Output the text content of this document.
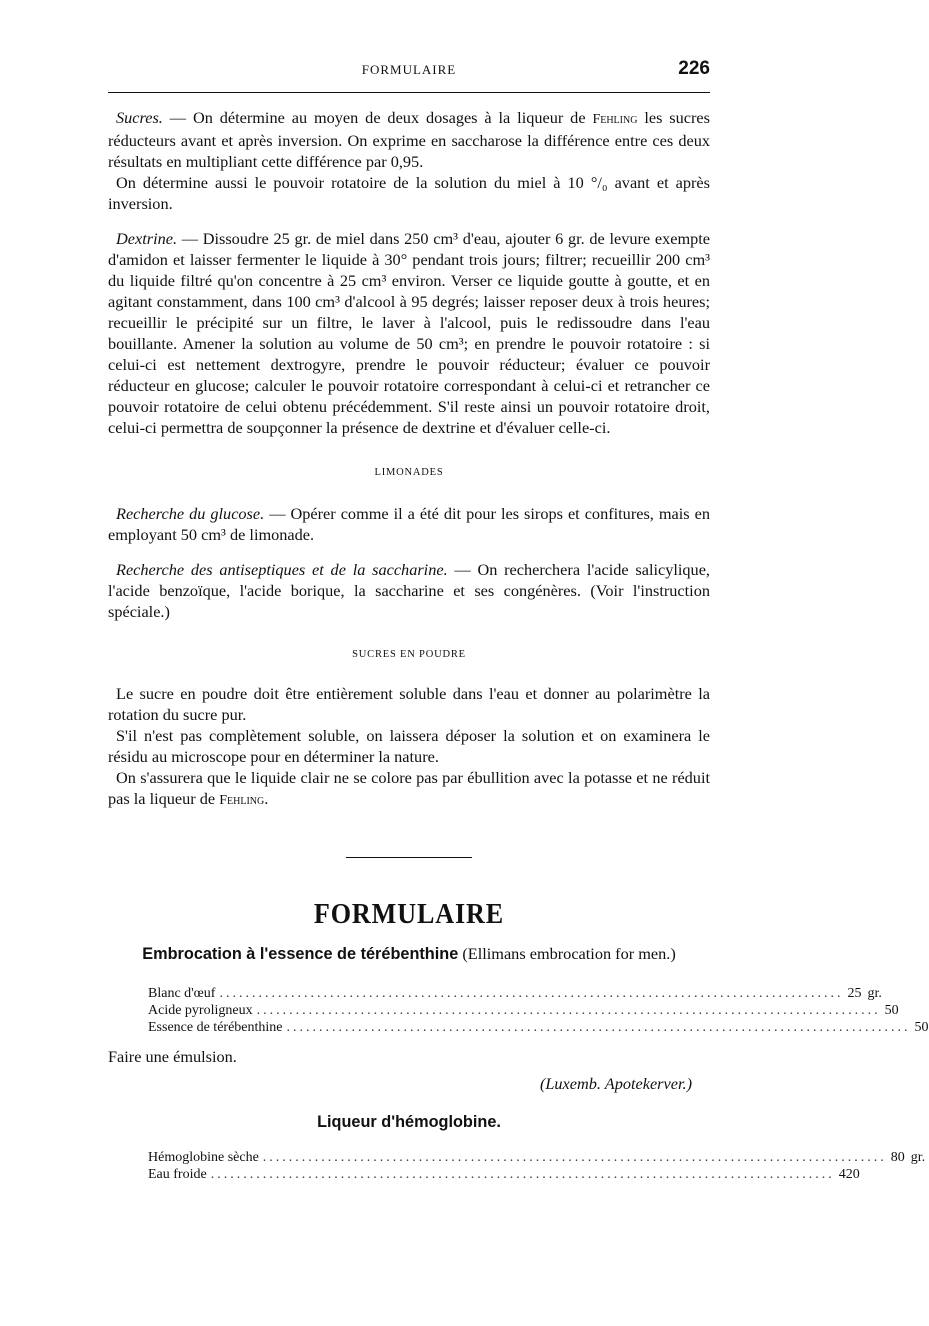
FORMULAIRE	226

Sucres. — On détermine au moyen de deux dosages à la liqueur de Fehling les sucres réducteurs avant et après inversion. On exprime en saccharose la différence entre ces deux résultats en multipliant cette différence par 0,95.

On détermine aussi le pouvoir rotatoire de la solution du miel à 10 °/₀ avant et après inversion.

Dextrine. — Dissoudre 25 gr. de miel dans 250 cm³ d'eau, ajouter 6 gr. de levure exempte d'amidon et laisser fermenter le liquide à 30° pendant trois jours; filtrer; recueillir 200 cm³ du liquide filtré qu'on concentre à 25 cm³ environ. Verser ce liquide goutte à goutte, et en agitant constamment, dans 100 cm³ d'alcool à 95 degrés; laisser reposer deux à trois heures; recueillir le précipité sur un filtre, le laver à l'alcool, puis le redissoudre dans l'eau bouillante. Amener la solution au volume de 50 cm³; en prendre le pouvoir rotatoire : si celui-ci est nettement dextrogyre, prendre le pouvoir réducteur; évaluer ce pouvoir réducteur en glucose; calculer le pouvoir rotatoire correspondant à celui-ci et retrancher ce pouvoir rotatoire de celui obtenu précédemment. S'il reste ainsi un pouvoir rotatoire droit, celui-ci permettra de soupçonner la présence de dextrine et d'évaluer celle-ci.

LIMONADES

Recherche du glucose. — Opérer comme il a été dit pour les sirops et confitures, mais en employant 50 cm³ de limonade.

Recherche des antiseptiques et de la saccharine. — On recherchera l'acide salicylique, l'acide benzoïque, l'acide borique, la saccharine et ses congénères. (Voir l'instruction spéciale.)

SUCRES EN POUDRE

Le sucre en poudre doit être entièrement soluble dans l'eau et donner au polarimètre la rotation du sucre pur.

S'il n'est pas complètement soluble, on laissera déposer la solution et on examinera le résidu au microscope pour en déterminer la nature.

On s'assurera que le liquide clair ne se colore pas par ébullition avec la potasse et ne réduit pas la liqueur de Fehling.

FORMULAIRE
Embrocation à l'essence de térébenthine (Ellimans embrocation for men.)
Blanc d'œuf ................................................................................................ 25 gr.
Acide pyroligneux ................................................................................................ 50
Essence de térébenthine ................................................................................................ 50

Faire une émulsion.

(Luxemb. Apotekerver.)

Liqueur d'hémoglobine.
Hémoglobine sèche ................................................................................................ 80 gr.
Eau froide ................................................................................................ 420
